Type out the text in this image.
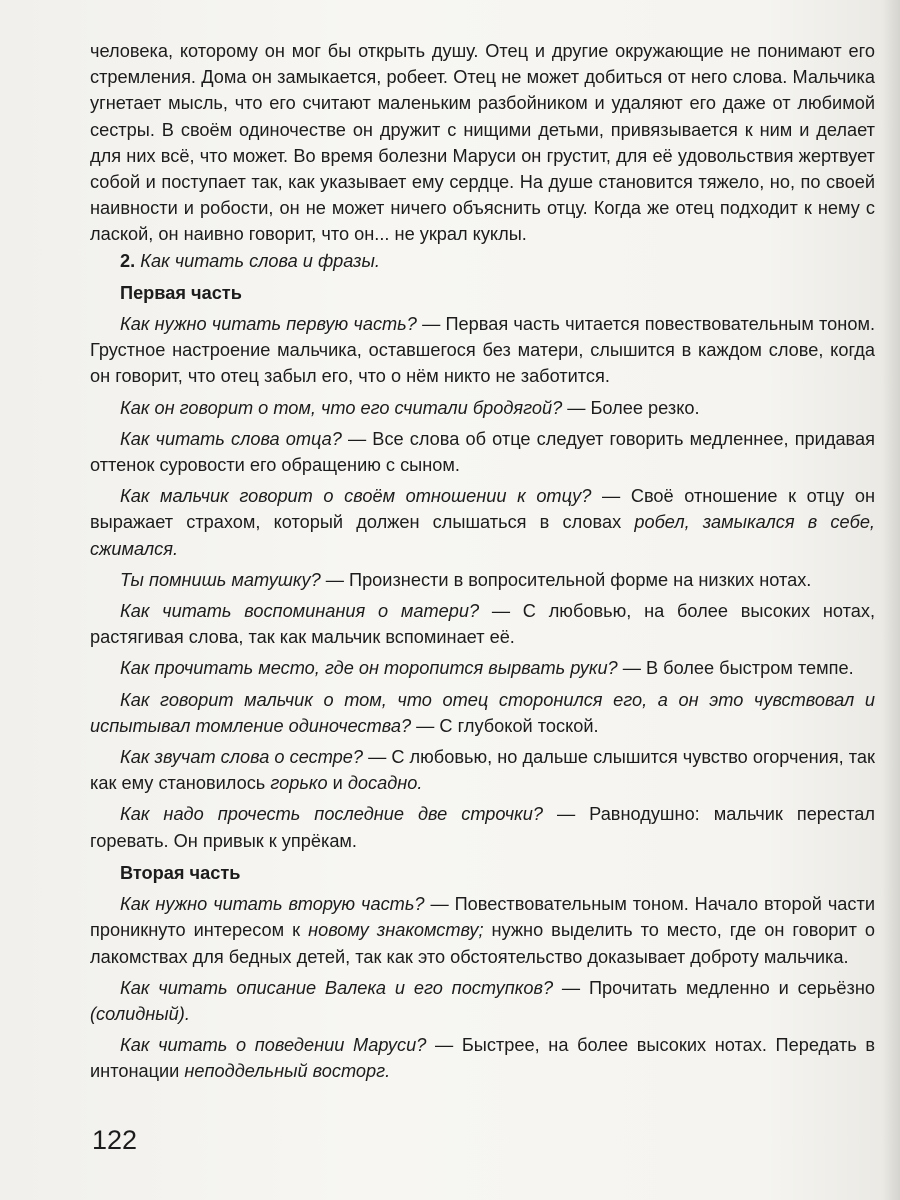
человека, которому он мог бы открыть душу. Отец и другие окружающие не понимают его стремления. Дома он замыкается, робеет. Отец не может добиться от него слова. Мальчика угнетает мысль, что его считают маленьким разбойником и удаляют его даже от любимой сестры. В своём одиночестве он дружит с нищими детьми, привязывается к ним и делает для них всё, что может. Во время болезни Маруси он грустит, для её удовольствия жертвует собой и поступает так, как указывает ему сердце. На душе становится тяжело, но, по своей наивности и робости, он не может ничего объяснить отцу. Когда же отец подходит к нему с лаской, он наивно говорит, что он... не украл куклы.

2. Как читать слова и фразы.

Первая часть

Как нужно читать первую часть? — Первая часть читается повествовательным тоном. Грустное настроение мальчика, оставшегося без матери, слышится в каждом слове, когда он говорит, что отец забыл его, что о нём никто не заботится.

Как он говорит о том, что его считали бродягой? — Более резко.

Как читать слова отца? — Все слова об отце следует говорить медленнее, придавая оттенок суровости его обращению с сыном.

Как мальчик говорит о своём отношении к отцу? — Своё отношение к отцу он выражает страхом, который должен слышаться в словах робел, замыкался в себе, сжимался.

Ты помнишь матушку? — Произнести в вопросительной форме на низких нотах.

Как читать воспоминания о матери? — С любовью, на более высоких нотах, растягивая слова, так как мальчик вспоминает её.

Как прочитать место, где он торопится вырвать руки? — В более быстром темпе.

Как говорит мальчик о том, что отец сторонился его, а он это чувствовал и испытывал томление одиночества? — С глубокой тоской.

Как звучат слова о сестре? — С любовью, но дальше слышится чувство огорчения, так как ему становилось горько и досадно.

Как надо прочесть последние две строчки? — Равнодушно: мальчик перестал горевать. Он привык к упрёкам.

Вторая часть

Как нужно читать вторую часть? — Повествовательным тоном. Начало второй части проникнуто интересом к новому знакомству; нужно выделить то место, где он говорит о лакомствах для бедных детей, так как это обстоятельство доказывает доброту мальчика.

Как читать описание Валека и его поступков? — Прочитать медленно и серьёзно (солидный).

Как читать о поведении Маруси? — Быстрее, на более высоких нотах. Передать в интонации неподдельный восторг.

122
